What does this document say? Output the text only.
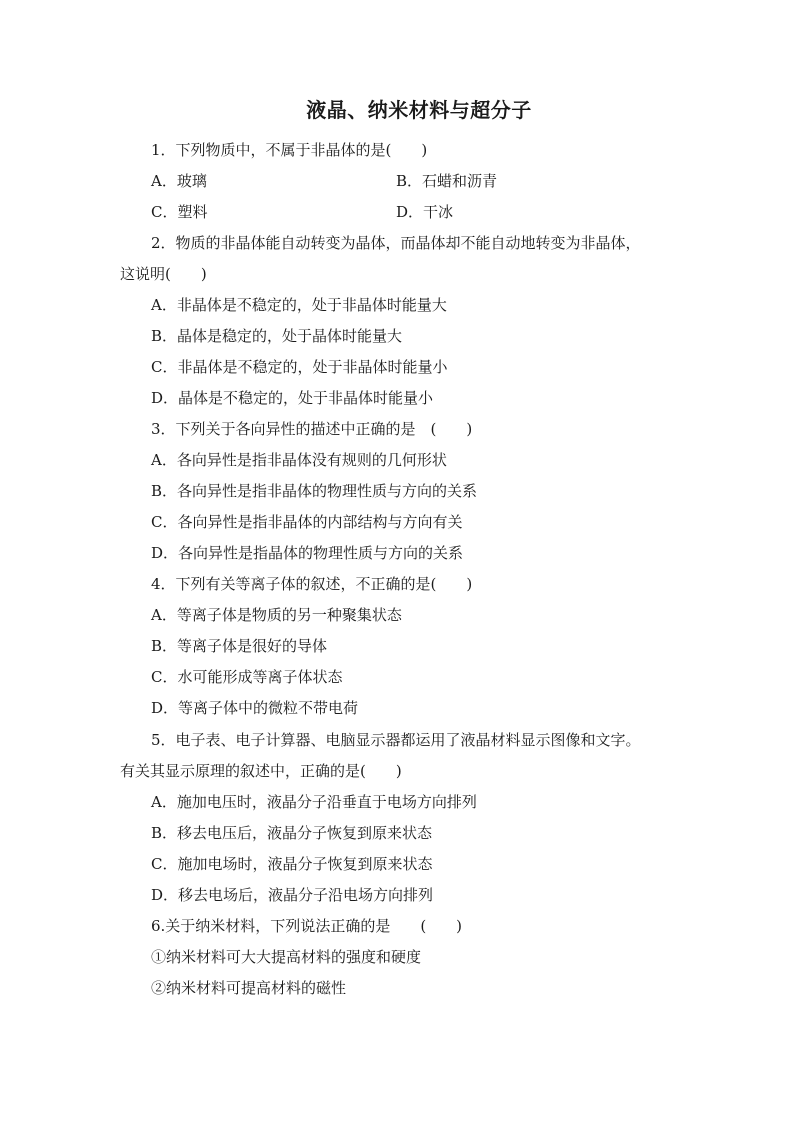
液晶、纳米材料与超分子
1．下列物质中，不属于非晶体的是(　　)
A．玻璃	B．石蜡和沥青
C．塑料	D．干冰
2．物质的非晶体能自动转变为晶体，而晶体却不能自动地转变为非晶体，
这说明(　　)
A．非晶体是不稳定的，处于非晶体时能量大
B．晶体是稳定的，处于晶体时能量大
C．非晶体是不稳定的，处于非晶体时能量小
D．晶体是不稳定的，处于非晶体时能量小
3．下列关于各向异性的描述中正确的是　(　　)
A．各向异性是指非晶体没有规则的几何形状
B．各向异性是指非晶体的物理性质与方向的关系
C．各向异性是指非晶体的内部结构与方向有关
D．各向异性是指晶体的物理性质与方向的关系
4．下列有关等离子体的叙述，不正确的是(　　)
A．等离子体是物质的另一种聚集状态
B．等离子体是很好的导体
C．水可能形成等离子体状态
D．等离子体中的微粒不带电荷
5．电子表、电子计算器、电脑显示器都运用了液晶材料显示图像和文字。
有关其显示原理的叙述中，正确的是(　　)
A．施加电压时，液晶分子沿垂直于电场方向排列
B．移去电压后，液晶分子恢复到原来状态
C．施加电场时，液晶分子恢复到原来状态
D．移去电场后，液晶分子沿电场方向排列
6.关于纳米材料，下列说法正确的是　　(　　)
①纳米材料可大大提高材料的强度和硬度
②纳米材料可提高材料的磁性
